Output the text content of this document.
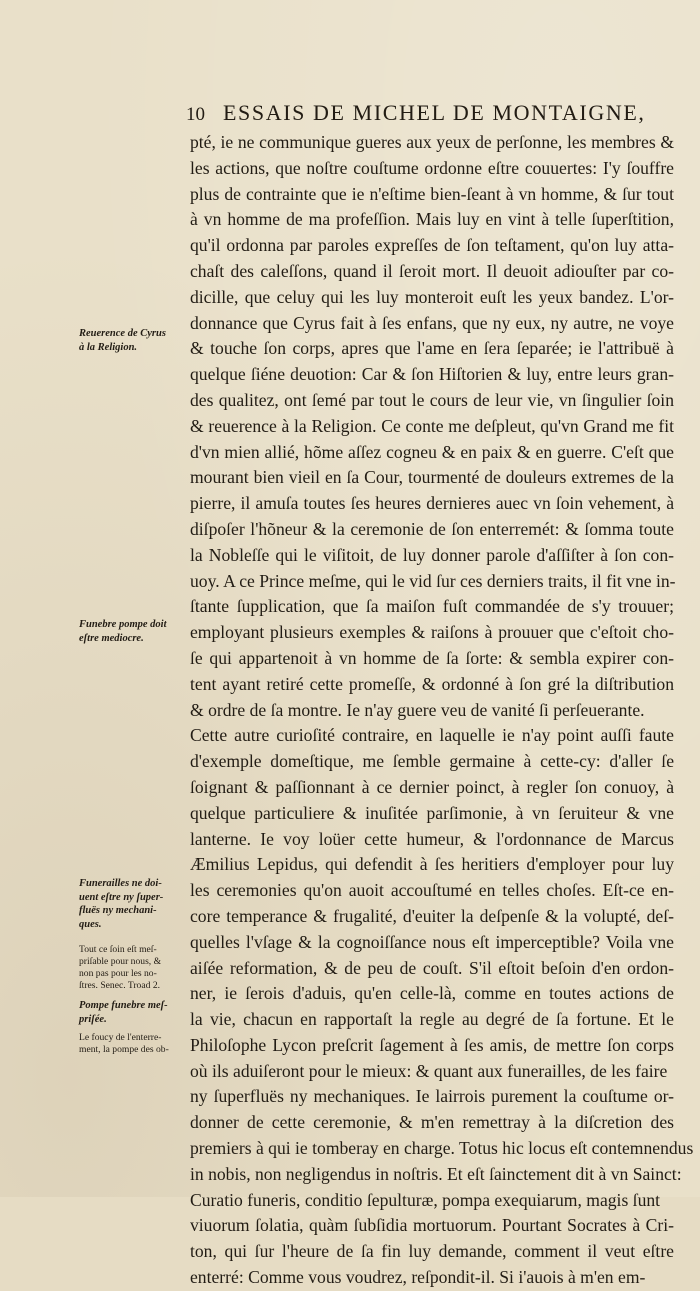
10 ESSAIS DE MICHEL DE MONTAIGNE,
pté, ie ne communique gueres aux yeux de perſonne, les membres &
les actions, que noſtre couſtume ordonne eſtre couuertes: I'y ſouffre
plus de contrainte que ie n'eſtime bien-ſeant à vn homme, & ſur tout
à vn homme de ma profeſſion. Mais luy en vint à telle ſuperſtition,
qu'il ordonna par paroles expreſſes de ſon teſtament, qu'on luy atta-
chaſt des caleſſons, quand il ſeroit mort. Il deuoit adiouſter par co-
dicille, que celuy qui les luy monteroit euſt les yeux bandez. L'or-
donnance que Cyrus fait à ſes enfans, que ny eux, ny autre, ne voye
& touche ſon corps, apres que l'ame en ſera ſeparée; ie l'attribuë à
quelque ſiéne deuotion: Car & ſon Hiſtorien & luy, entre leurs gran-
des qualitez, ont ſemé par tout le cours de leur vie, vn ſingulier ſoin
& reuerence à la Religion. Ce conte me deſpleut, qu'vn Grand me fit
d'vn mien allié, hõme aſſez cogneu & en paix & en guerre. C'eſt que
mourant bien vieil en ſa Cour, tourmenté de douleurs extremes de la
pierre, il amuſa toutes ſes heures dernieres auec vn ſoin vehement, à
diſpoſer l'hõneur & la ceremonie de ſon enterremét: & ſomma toute
la Nobleſſe qui le viſitoit, de luy donner parole d'aſſiſter à ſon con-
uoy. A ce Prince meſme, qui le vid ſur ces derniers traits, il fit vne in-
ſtante ſupplication, que ſa maiſon fuſt commandée de s'y trouuer;
employant plusieurs exemples & raiſons à prouuer que c'eſtoit cho-
ſe qui appartenoit à vn homme de ſa ſorte: & sembla expirer con-
tent ayant retiré cette promeſſe, & ordonné à ſon gré la diſtribution
& ordre de ſa montre. Ie n'ay guere veu de vanité ſi perſeuerante.
Cette autre curioſité contraire, en laquelle ie n'ay point auſſi faute
d'exemple domeſtique, me ſemble germaine à cette-cy: d'aller ſe
ſoignant & paſſionnant à ce dernier poinct, à regler ſon conuoy, à
quelque particuliere & inuſitée parſimonie, à vn ſeruiteur & vne
lanterne. Ie voy loüer cette humeur, & l'ordonnance de Marcus
Æmilius Lepidus, qui defendit à ſes heritiers d'employer pour luy
les ceremonies qu'on auoit accouſtumé en telles choſes. Eſt-ce en-
core temperance & frugalité, d'euiter la deſpenſe & la volupté, deſ-
quelles l'vſage & la cognoiſſance nous eſt imperceptible? Voila vne
aiſée reformation, & de peu de couſt. S'il eſtoit beſoin d'en ordon-
ner, ie ſerois d'aduis, qu'en celle-là, comme en toutes actions de
la vie, chacun en rapportaſt la regle au degré de ſa fortune. Et le
Philoſophe Lycon preſcrit ſagement à ſes amis, de mettre ſon corps
où ils aduiſeront pour le mieux: & quant aux funerailles, de les faire
ny ſuperfluës ny mechaniques. Ie lairrois purement la couſtume or-
donner de cette ceremonie, & m'en remettray à la diſcretion des
premiers à qui ie tomberay en charge. Totus hic locus eſt contemnendus
in nobis, non negligendus in noſtris. Et eſt ſainctement dit à vn Sainct:
Curatio funeris, conditio ſepulturæ, pompa exequiarum, magis ſunt
viuorum ſolatia, quàm ſubſidia mortuorum. Pourtant Socrates à Cri-
ton, qui ſur l'heure de ſa fin luy demande, comment il veut eſtre
enterré: Comme vous voudrez, reſpondit-il. Si i'auois à m'en em-
Reuerence de Cyrus
à la Religion.
Funebre pompe doit
eſtre mediocre.
Funerailles ne doi-
uent eſtre ny ſuper-
fluës ny mechani-
ques.
Tout ce ſoin eſt meſ-
priſable pour nous, &
non pas pour les no-
ſtres. Senec. Troad 2.
Pompe funebre meſ-
priſée.
Le foucy de l'enterre-
ment, la pompe des ob-
